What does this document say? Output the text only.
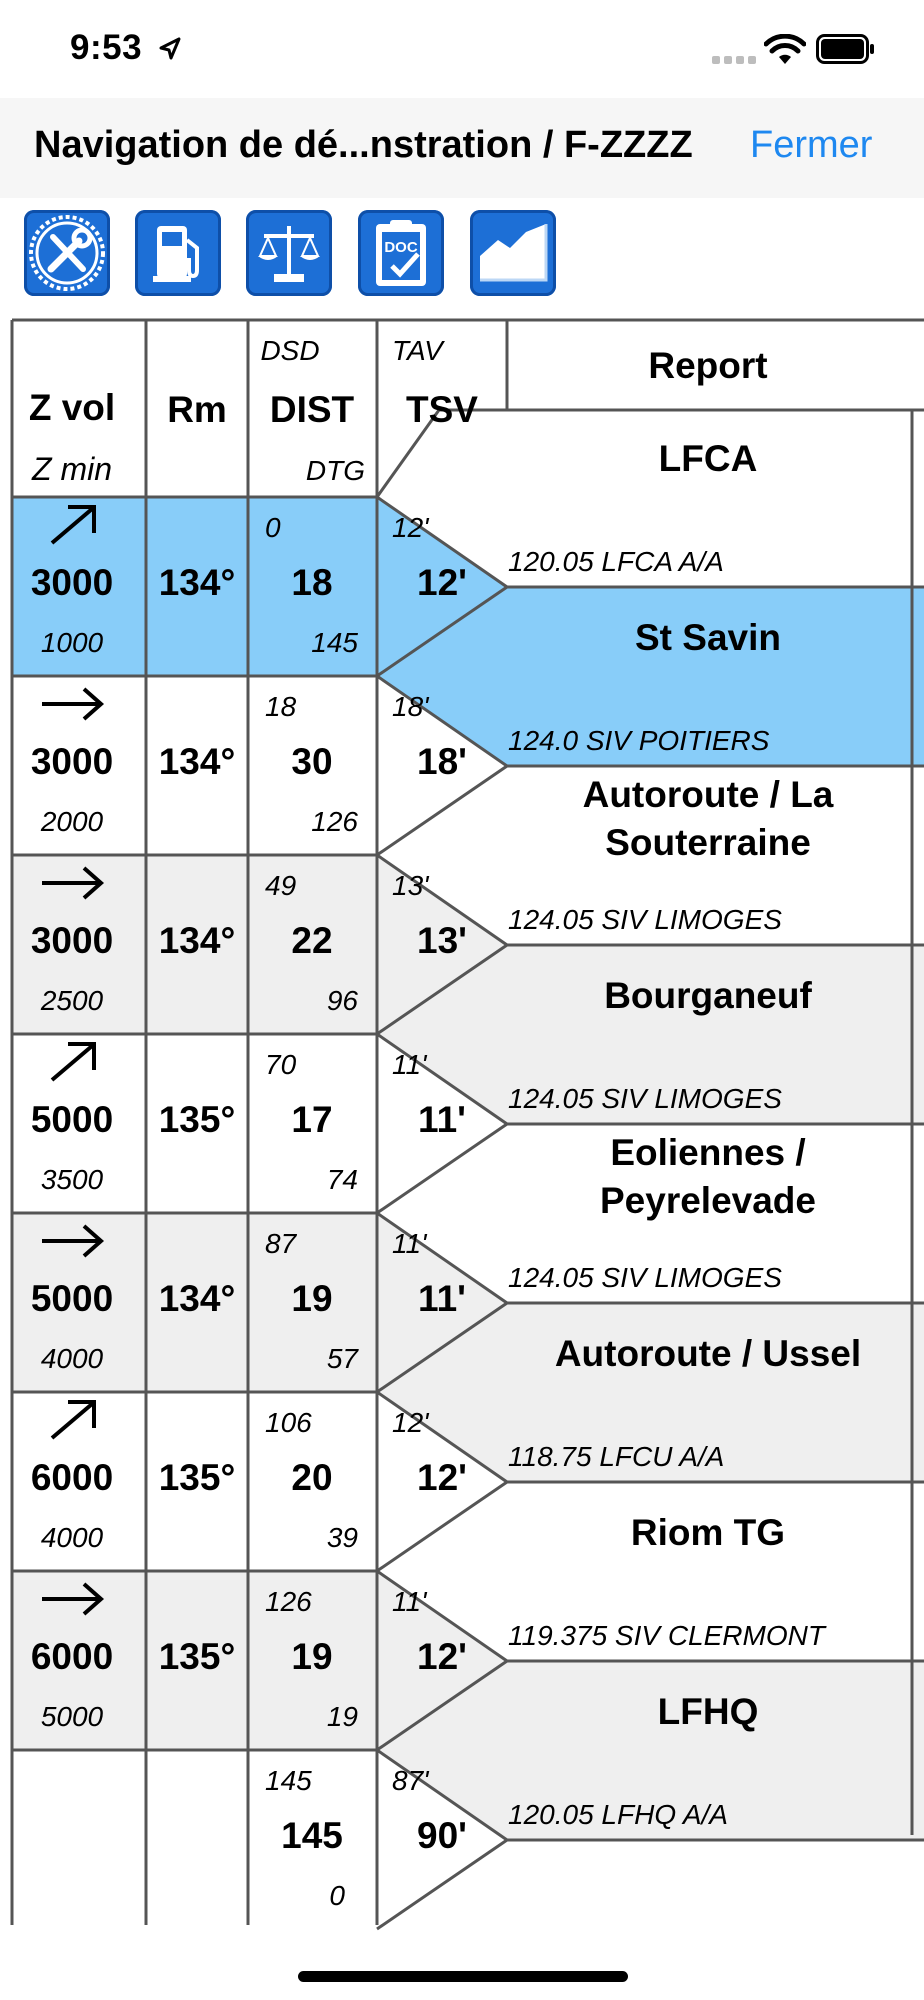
9:53
Navigation de dé...nstration / F-ZZZZ Fermer
DOC
Z vol
Z min
Rm
DSD
DIST
DTG
TAV
TSV
Report
3000
1000
134°
0
18
145
12'
12'
3000
2000
134°
18
30
126
18'
18'
3000
2500
134°
49
22
96
13'
13'
5000
3500
135°
70
17
74
11'
11'
5000
4000
134°
87
19
57
11'
11'
6000
4000
135°
106
20
39
12'
12'
6000
5000
135°
126
19
19
11'
12'
145
145
0
87'
90'
LFCA
120.05 LFCA A/A
St Savin
124.0 SIV POITIERS
Autoroute / La
Souterraine
124.05 SIV LIMOGES
Bourganeuf
124.05 SIV LIMOGES
Eoliennes /
Peyrelevade
124.05 SIV LIMOGES
Autoroute / Ussel
118.75 LFCU A/A
Riom TG
119.375 SIV CLERMONT
LFHQ
120.05 LFHQ A/A
